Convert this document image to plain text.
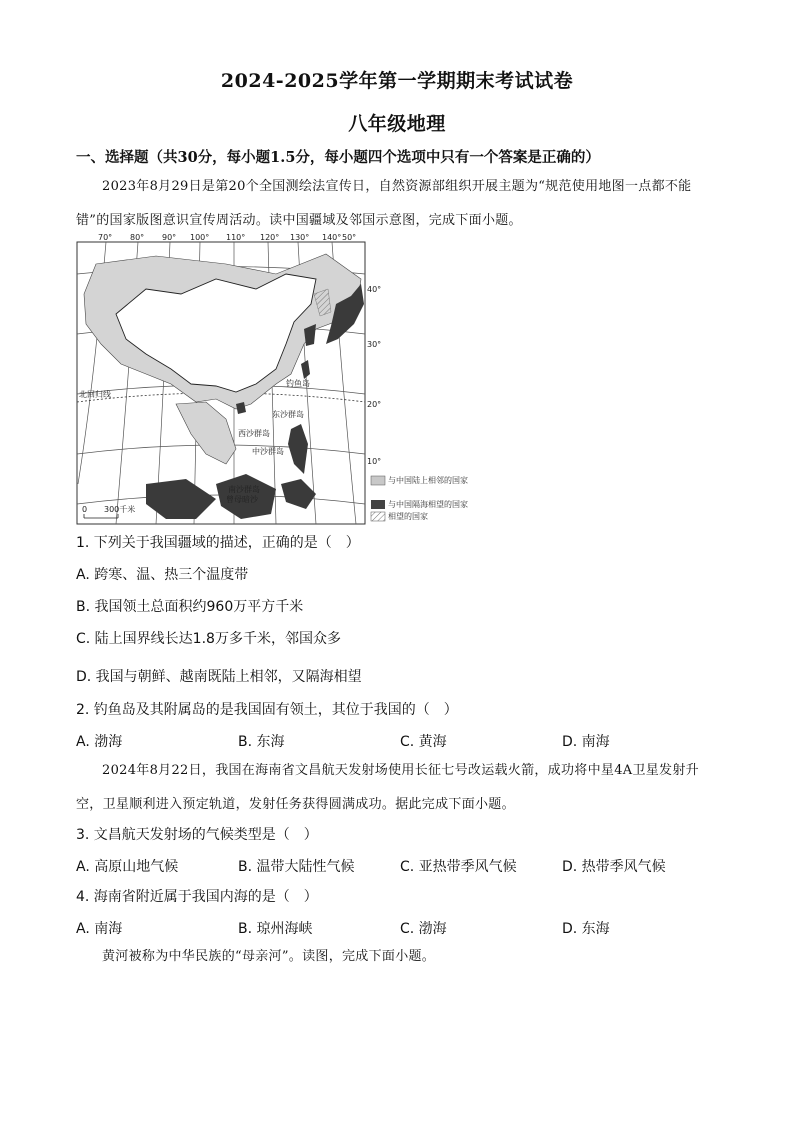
2024-2025学年第一学期期末考试试卷
八年级地理
一、选择题（共30分，每小题1.5分，每小题四个选项中只有一个答案是正确的）
2023年8月29日是第20个全国测绘法宣传日，自然资源部组织开展主题为“规范使用地图一点都不能错”的国家版图意识宣传周活动。读中国疆域及邻国示意图，完成下面小题。
70° 80° 90° 100° 110° 120° 130° 140° 50°
40°
30°
20°
10°
北回归线
钓鱼岛
东沙群岛
西沙群岛
中沙群岛
南沙群岛
曾母暗沙
0 300千米
与中国陆上相邻的国家
与中国隔海相望的国家
相望的国家
1. 下列关于我国疆域的描述，正确的是（　）
A. 跨寒、温、热三个温度带
B. 我国领土总面积约960万平方千米
C. 陆上国界线长达1.8万多千米，邻国众多
D. 我国与朝鲜、越南既陆上相邻，又隔海相望
2. 钓鱼岛及其附属岛的是我国固有领土，其位于我国的（　）
A. 渤海	B. 东海	C. 黄海	D. 南海
2024年8月22日，我国在海南省文昌航天发射场使用长征七号改运载火箭，成功将中星4A卫星发射升空，卫星顺利进入预定轨道，发射任务获得圆满成功。据此完成下面小题。
3. 文昌航天发射场的气候类型是（　）
A. 高原山地气候	B. 温带大陆性气候	C. 亚热带季风气候	D. 热带季风气候
4. 海南省附近属于我国内海的是（　）
A. 南海	B. 琼州海峡	C. 渤海	D. 东海
黄河被称为中华民族的“母亲河”。读图，完成下面小题。
